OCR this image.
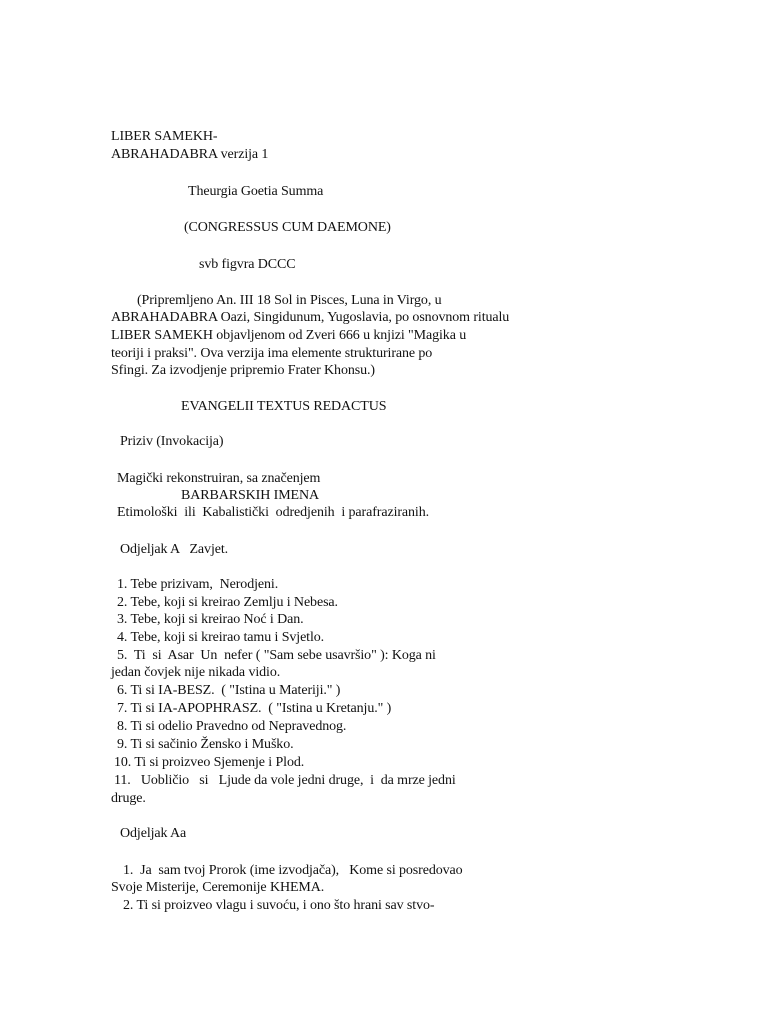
LIBER SAMEKH-
ABRAHADABRA verzija 1
Theurgia Goetia Summa
(CONGRESSUS CUM DAEMONE)
svb figvra DCCC
(Pripremljeno An. III 18 Sol in Pisces, Luna in Virgo, u
ABRAHADABRA Oazi, Singidunum, Yugoslavia, po osnovnom ritualu
LIBER SAMEKH objavljenom od Zveri 666 u knjizi "Magika u
teoriji i praksi". Ova verzija ima elemente strukturirane po
Sfingi. Za izvodjenje pripremio Frater Khonsu.)
EVANGELII TEXTUS REDACTUS
Priziv (Invokacija)
Magički rekonstruiran, sa značenjem
BARBARSKIH IMENA
Etimološki  ili  Kabalistički  odredjenih  i parafraziranih.
Odjeljak A   Zavjet.
1. Tebe prizivam,  Nerodjeni.
2. Tebe, koji si kreirao Zemlju i Nebesa.
3. Tebe, koji si kreirao Noć i Dan.
4. Tebe, koji si kreirao tamu i Svjetlo.
5.  Ti  si  Asar  Un  nefer ( "Sam sebe usavršio" ): Koga ni
jedan čovjek nije nikada vidio.
6. Ti si IA-BESZ.  ( "Istina u Materiji." )
7. Ti si IA-APOPHRASZ.  ( "Istina u Kretanju." )
8. Ti si odelio Pravedno od Nepravednog.
9. Ti si sačinio Žensko i Muško.
10. Ti si proizveo Sjemenje i Plod.
11.   Uobličio   si   Ljude da vole jedni druge,  i  da mrze jedni
druge.
Odjeljak Aa
1.  Ja  sam tvoj Prorok (ime izvodjača),   Kome si posredovao
Svoje Misterije, Ceremonije KHEMA.
2. Ti si proizveo vlagu i suvoću, i ono što hrani sav stvo-
